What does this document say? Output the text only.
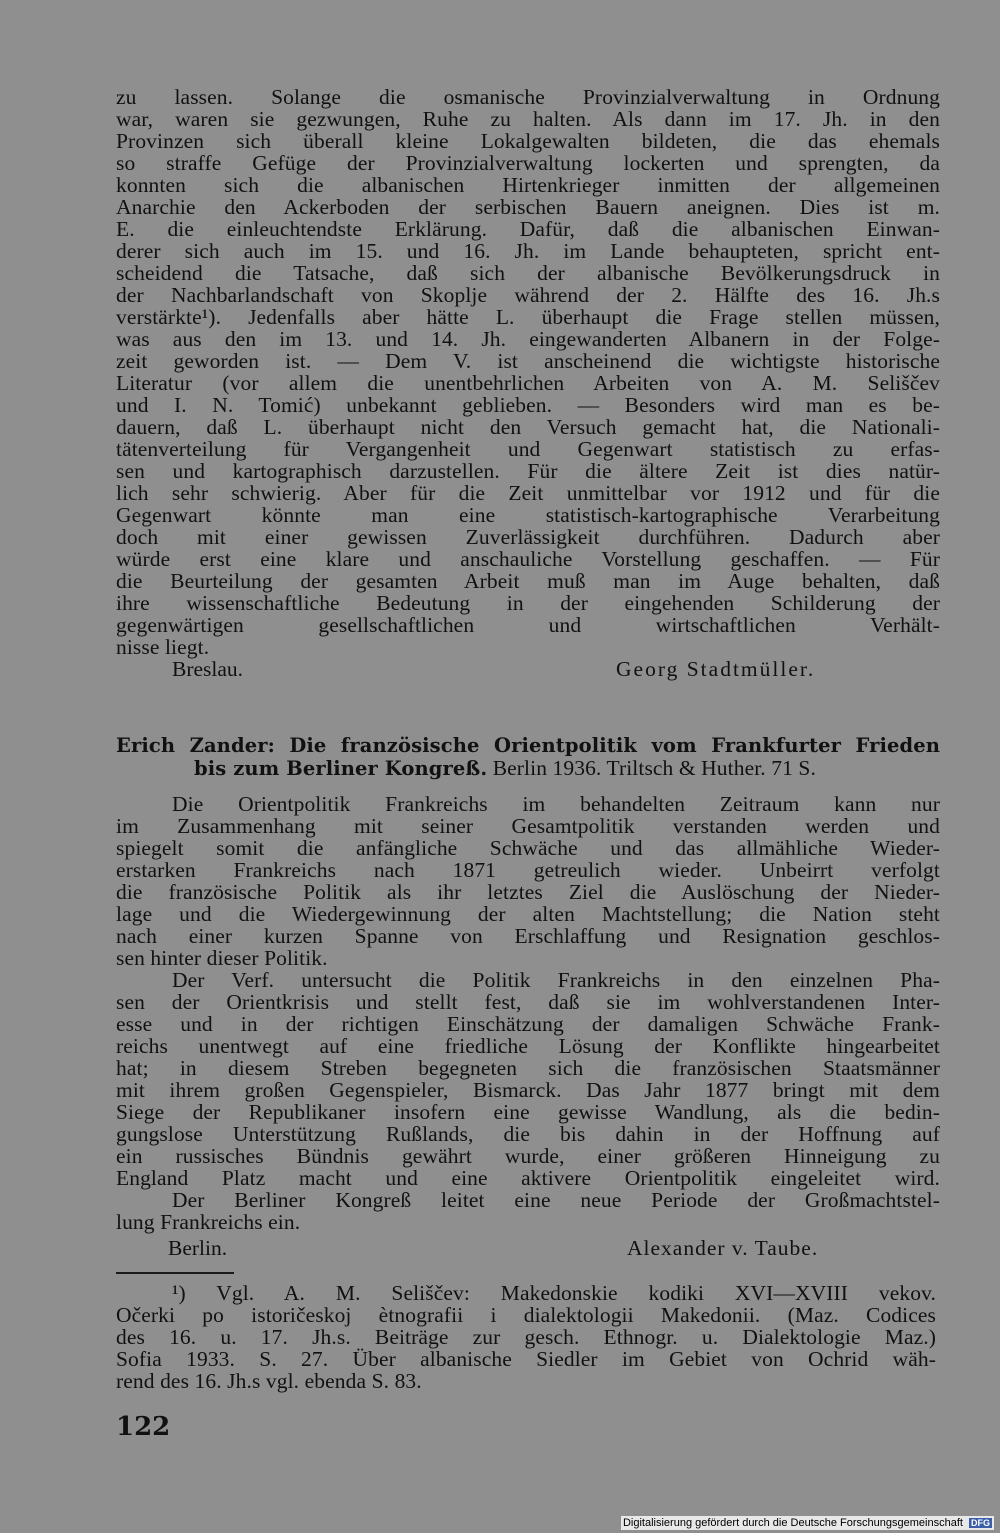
zu lassen. Solange die osmanische Provinzialverwaltung in Ordnung
war, waren sie gezwungen, Ruhe zu halten. Als dann im 17. Jh. in den
Provinzen sich überall kleine Lokalgewalten bildeten, die das ehemals
so straffe Gefüge der Provinzialverwaltung lockerten und sprengten, da
konnten sich die albanischen Hirtenkrieger inmitten der allgemeinen
Anarchie den Ackerboden der serbischen Bauern aneignen. Dies ist m.
E. die einleuchtendste Erklärung. Dafür, daß die albanischen Einwan-
derer sich auch im 15. und 16. Jh. im Lande behaupteten, spricht ent-
scheidend die Tatsache, daß sich der albanische Bevölkerungsdruck in
der Nachbarlandschaft von Skoplje während der 2. Hälfte des 16. Jh.s
verstärkte¹). Jedenfalls aber hätte L. überhaupt die Frage stellen müssen,
was aus den im 13. und 14. Jh. eingewanderten Albanern in der Folge-
zeit geworden ist. — Dem V. ist anscheinend die wichtigste historische
Literatur (vor allem die unentbehrlichen Arbeiten von A. M. Seliščev
und I. N. Tomić) unbekannt geblieben. — Besonders wird man es be-
dauern, daß L. überhaupt nicht den Versuch gemacht hat, die Nationali-
tätenverteilung für Vergangenheit und Gegenwart statistisch zu erfas-
sen und kartographisch darzustellen. Für die ältere Zeit ist dies natür-
lich sehr schwierig. Aber für die Zeit unmittelbar vor 1912 und für die
Gegenwart könnte man eine statistisch-kartographische Verarbeitung
doch mit einer gewissen Zuverlässigkeit durchführen. Dadurch aber
würde erst eine klare und anschauliche Vorstellung geschaffen. — Für
die Beurteilung der gesamten Arbeit muß man im Auge behalten, daß
ihre wissenschaftliche Bedeutung in der eingehenden Schilderung der
gegenwärtigen gesellschaftlichen und wirtschaftlichen Verhält-
nisse liegt.
Breslau.	Georg Stadtmüller.
Erich Zander: Die französische Orientpolitik vom Frankfurter Frieden
bis zum Berliner Kongreß. Berlin 1936. Triltsch & Huther. 71 S.
Die Orientpolitik Frankreichs im behandelten Zeitraum kann nur
im Zusammenhang mit seiner Gesamtpolitik verstanden werden und
spiegelt somit die anfängliche Schwäche und das allmähliche Wieder-
erstarken Frankreichs nach 1871 getreulich wieder. Unbeirrt verfolgt
die französische Politik als ihr letztes Ziel die Auslöschung der Nieder-
lage und die Wiedergewinnung der alten Machtstellung; die Nation steht
nach einer kurzen Spanne von Erschlaffung und Resignation geschlos-
sen hinter dieser Politik.
Der Verf. untersucht die Politik Frankreichs in den einzelnen Pha-
sen der Orientkrisis und stellt fest, daß sie im wohlverstandenen Inter-
esse und in der richtigen Einschätzung der damaligen Schwäche Frank-
reichs unentwegt auf eine friedliche Lösung der Konflikte hingearbeitet
hat; in diesem Streben begegneten sich die französischen Staatsmänner
mit ihrem großen Gegenspieler, Bismarck. Das Jahr 1877 bringt mit dem
Siege der Republikaner insofern eine gewisse Wandlung, als die bedin-
gungslose Unterstützung Rußlands, die bis dahin in der Hoffnung auf
ein russisches Bündnis gewährt wurde, einer größeren Hinneigung zu
England Platz macht und eine aktivere Orientpolitik eingeleitet wird.
Der Berliner Kongreß leitet eine neue Periode der Großmachtstel-
lung Frankreichs ein.
Berlin.	Alexander v. Taube.
¹) Vgl. A. M. Seliščev: Makedonskie kodiki XVI—XVIII vekov.
Očerki po istoričeskoj ètnografii i dialektologii Makedonii. (Maz. Codices
des 16. u. 17. Jh.s. Beiträge zur gesch. Ethnogr. u. Dialektologie Maz.)
Sofia 1933. S. 27. Über albanische Siedler im Gebiet von Ochrid wäh-
rend des 16. Jh.s vgl. ebenda S. 83.
122
Digitalisierung gefördert durch die Deutsche Forschungsgemeinschaft DFG
